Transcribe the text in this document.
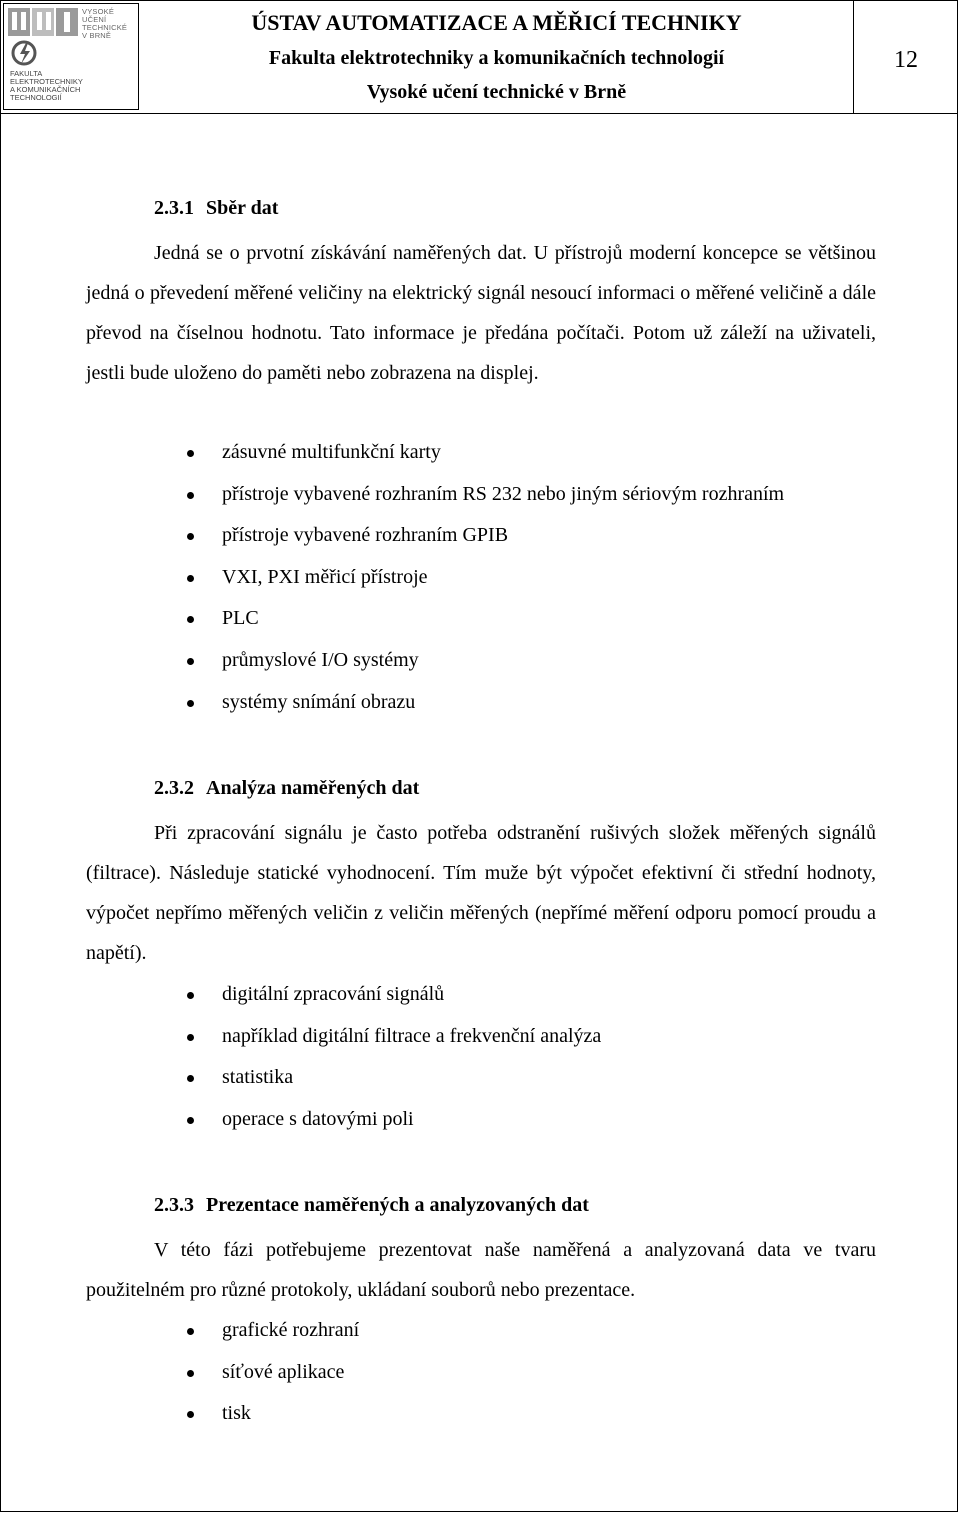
VYSOKÉ
UČENÍ
TECHNICKÉ
V BRNĚ
FAKULTA
ELEKTROTECHNIKY
A KOMUNIKAČNÍCH
TECHNOLOGIÍ
ÚSTAV AUTOMATIZACE A MĚŘICÍ TECHNIKY
Fakulta elektrotechniky a komunikačních technologií
Vysoké učení technické v Brně
12
2.3.1 Sběr dat
Jedná se o prvotní získávání naměřených dat. U přístrojů moderní koncepce se většinou jedná o převedení měřené veličiny na elektrický signál nesoucí informaci o měřené veličině a dále převod na číselnou hodnotu. Tato informace je předána počítači. Potom už záleží na uživateli, jestli bude uloženo do paměti nebo zobrazena na displej.
zásuvné multifunkční karty
přístroje vybavené rozhraním RS 232 nebo jiným sériovým rozhraním
přístroje vybavené rozhraním GPIB
VXI, PXI měřicí přístroje
PLC
průmyslové I/O systémy
systémy snímání obrazu
2.3.2 Analýza naměřených dat
Při zpracování signálu je často potřeba odstranění rušivých složek měřených signálů (filtrace). Následuje statické vyhodnocení. Tím muže být výpočet efektivní či střední hodnoty, výpočet nepřímo měřených veličin z veličin měřených (nepřímé měření odporu pomocí proudu a napětí).
digitální zpracování signálů
například digitální filtrace a frekvenční analýza
statistika
operace s datovými poli
2.3.3 Prezentace naměřených a analyzovaných dat
V této fázi potřebujeme prezentovat naše naměřená a analyzovaná data ve tvaru použitelném pro různé protokoly, ukládaní souborů nebo prezentace.
grafické rozhraní
síťové aplikace
tisk
